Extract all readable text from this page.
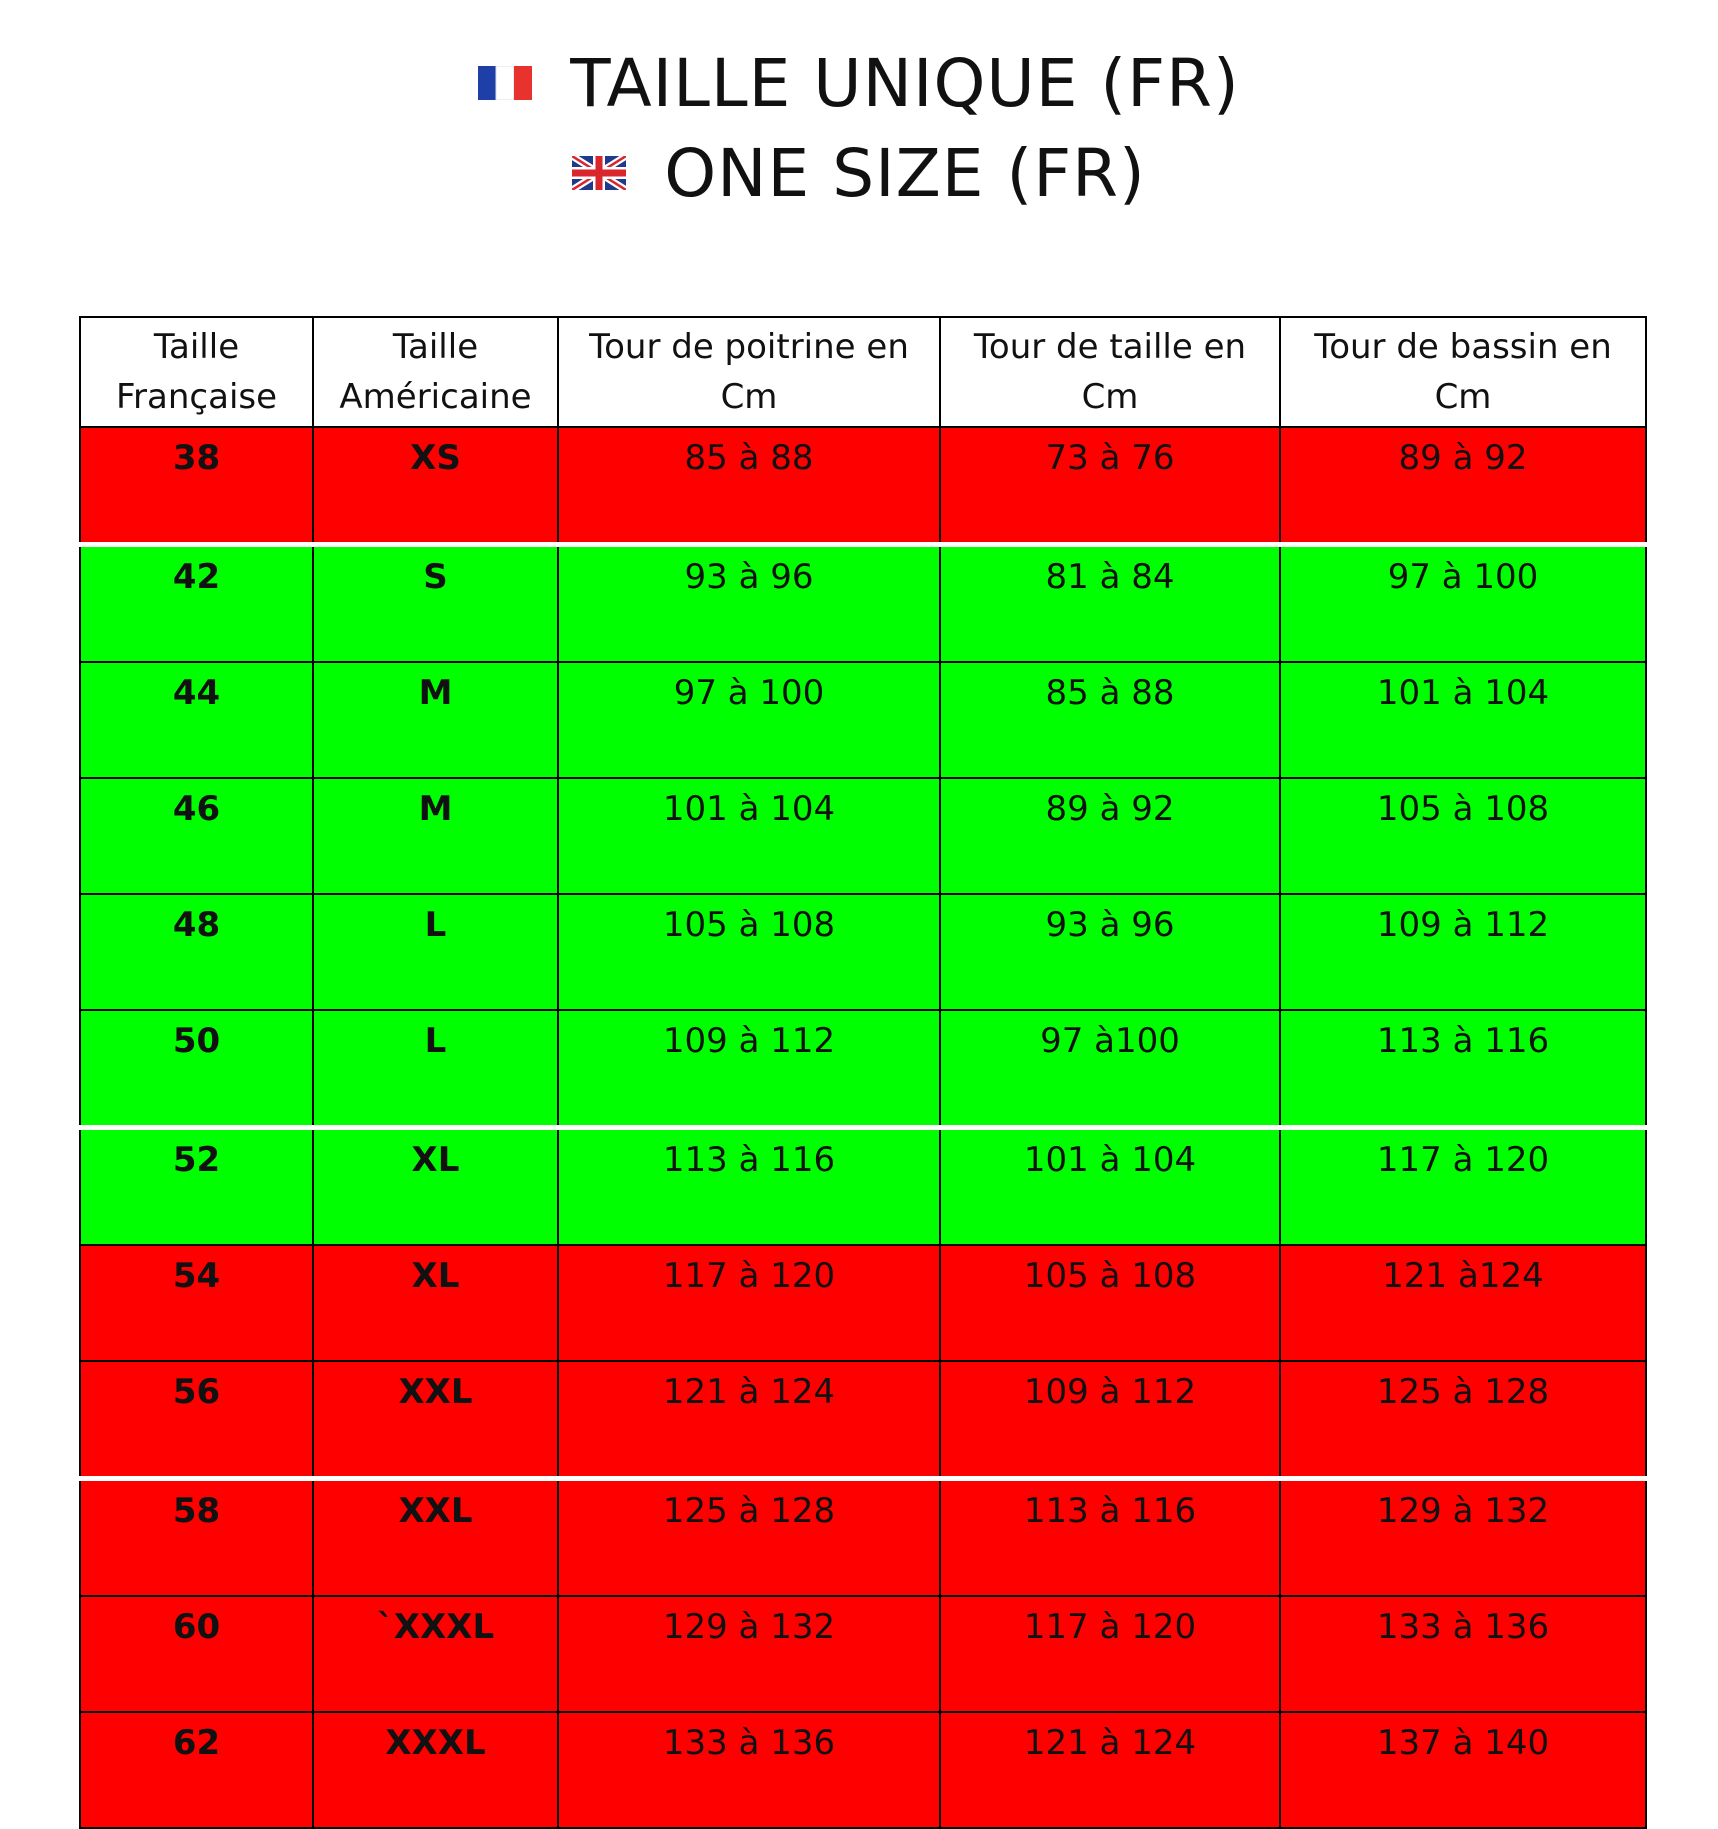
TAILLE UNIQUE (FR)
ONE SIZE (FR)
Taille Française	Taille Américaine	Tour de poitrine en Cm	Tour de taille en Cm	Tour de bassin en Cm
38	XS	85 à 88	73 à 76	89 à 92
42	S	93 à 96	81 à 84	97 à 100
44	M	97 à 100	85 à 88	101 à 104
46	M	101 à 104	89 à 92	105 à 108
48	L	105 à 108	93 à 96	109 à 112
50	L	109 à 112	97 à100	113 à 116
52	XL	113 à 116	101 à 104	117 à 120
54	XL	117 à 120	105 à 108	121 à124
56	XXL	121 à 124	109 à 112	125 à 128
58	XXL	125 à 128	113 à 116	129 à 132
60	`XXXL	129 à 132	117 à 120	133 à 136
62	XXXL	133 à 136	121 à 124	137 à 140
